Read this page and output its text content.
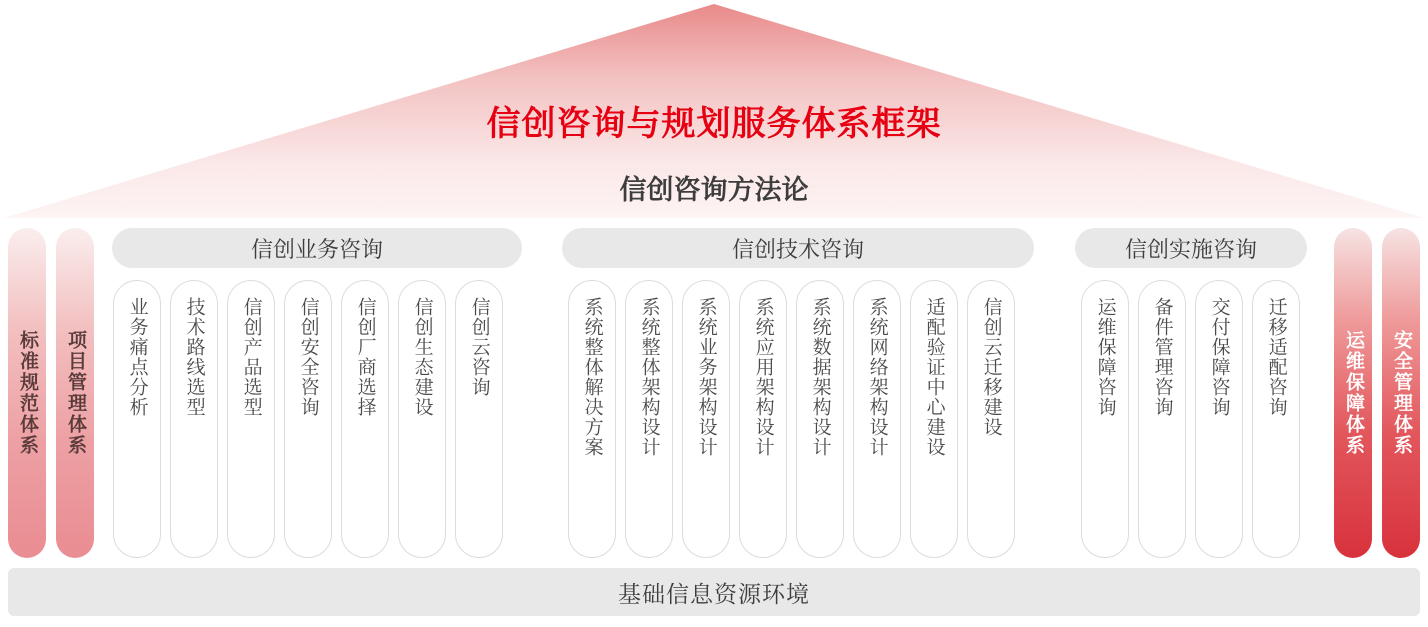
信创咨询与规划服务体系框架
信创咨询方法论
标准规范体系 项目管理体系	运维保障体系 安全管理体系
信创业务咨询
业务痛点分析 技术路线选型 信创产品选型 信创安全咨询 信创厂商选择 信创生态建设 信创云咨询
信创技术咨询
系统整体解决方案 系统整体架构设计 系统业务架构设计 系统应用架构设计 系统数据架构设计 系统网络架构设计 适配验证中心建设 信创云迁移建设
信创实施咨询
运维保障咨询 备件管理咨询 交付保障咨询 迁移适配咨询
基础信息资源环境
